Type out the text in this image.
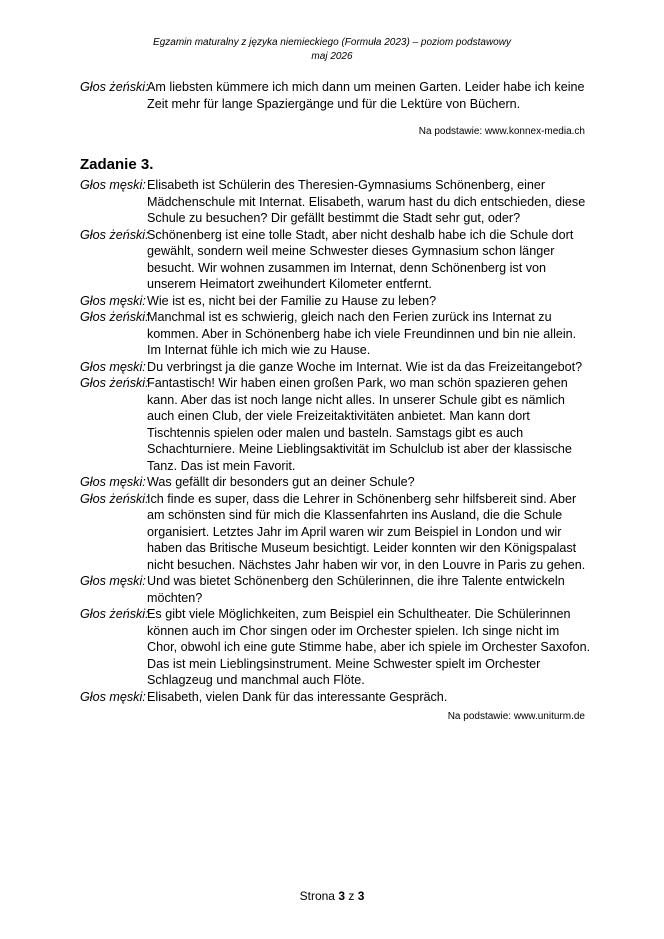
Egzamin maturalny z języka niemieckiego (Formuła 2023) – poziom podstawowy
maj 2026
Głos żeński:
Am liebsten kümmere ich mich dann um meinen Garten. Leider habe ich keine
Zeit mehr für lange Spaziergänge und für die Lektüre von Büchern.
Na podstawie: www.konnex-media.ch
Zadanie 3.
Głos męski: Elisabeth ist Schülerin des Theresien-Gymnasiums Schönenberg, einer
Mädchenschule mit Internat. Elisabeth, warum hast du dich entschieden, diese
Schule zu besuchen? Dir gefällt bestimmt die Stadt sehr gut, oder?
Głos żeński:
Schönenberg ist eine tolle Stadt, aber nicht deshalb habe ich die Schule dort
gewählt, sondern weil meine Schwester dieses Gymnasium schon länger
besucht. Wir wohnen zusammen im Internat, denn Schönenberg ist von
unserem Heimatort zweihundert Kilometer entfernt.
Głos męski: Wie ist es, nicht bei der Familie zu Hause zu leben?
Głos żeński:
Manchmal ist es schwierig, gleich nach den Ferien zurück ins Internat zu
kommen. Aber in Schönenberg habe ich viele Freundinnen und bin nie allein.
Im Internat fühle ich mich wie zu Hause.
Głos męski: Du verbringst ja die ganze Woche im Internat. Wie ist da das Freizeitangebot?
Głos żeński:
Fantastisch! Wir haben einen großen Park, wo man schön spazieren gehen
kann. Aber das ist noch lange nicht alles. In unserer Schule gibt es nämlich
auch einen Club, der viele Freizeitaktivitäten anbietet. Man kann dort
Tischtennis spielen oder malen und basteln. Samstags gibt es auch
Schachturniere. Meine Lieblingsaktivität im Schulclub ist aber der klassische
Tanz. Das ist mein Favorit.
Głos męski: Was gefällt dir besonders gut an deiner Schule?
Głos żeński:
Ich finde es super, dass die Lehrer in Schönenberg sehr hilfsbereit sind. Aber
am schönsten sind für mich die Klassenfahrten ins Ausland, die die Schule
organisiert. Letztes Jahr im April waren wir zum Beispiel in London und wir
haben das Britische Museum besichtigt. Leider konnten wir den Königspalast
nicht besuchen. Nächstes Jahr haben wir vor, in den Louvre in Paris zu gehen.
Głos męski: Und was bietet Schönenberg den Schülerinnen, die ihre Talente entwickeln
möchten?
Głos żeński:
Es gibt viele Möglichkeiten, zum Beispiel ein Schultheater. Die Schülerinnen
können auch im Chor singen oder im Orchester spielen. Ich singe nicht im
Chor, obwohl ich eine gute Stimme habe, aber ich spiele im Orchester Saxofon.
Das ist mein Lieblingsinstrument. Meine Schwester spielt im Orchester
Schlagzeug und manchmal auch Flöte.
Głos męski: Elisabeth, vielen Dank für das interessante Gespräch.
Na podstawie: www.uniturm.de
Strona 3 z 3
